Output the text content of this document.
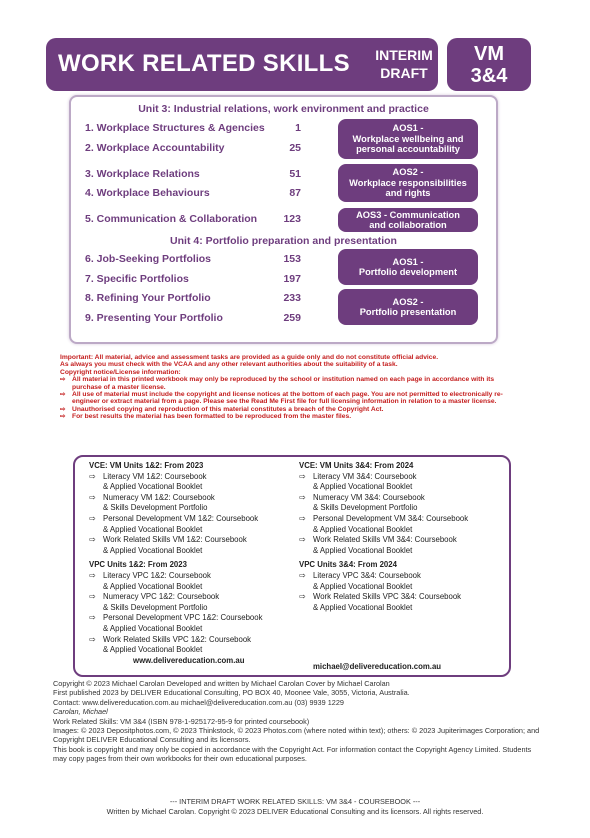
WORK RELATED SKILLS INTERIM
DRAFT
VM
3&4
Unit 3: Industrial relations, work environment and practice
1. Workplace Structures & Agencies	1
2. Workplace Accountability	25
3. Workplace Relations	51
4. Workplace Behaviours	87
5. Communication & Collaboration	123
Unit 4: Portfolio preparation and presentation
6. Job-Seeking Portfolios	153
7. Specific Portfolios	197
8. Refining Your Portfolio	233
9. Presenting Your Portfolio	259
AOS1 -
Workplace wellbeing and
personal accountability
AOS2 -
Workplace responsibilities
and rights
AOS3 - Communication
and collaboration
AOS1 -
Portfolio development
AOS2 -
Portfolio presentation
Important: All material, advice and assessment tasks are provided as a guide only and do not constitute official advice.
As always you must check with the VCAA and any other relevant authorities about the suitability of a task.
Copyright notice/License information:
⇨ All material in this printed workbook may only be reproduced by the school or institution named on each page in accordance with its purchase of a master license.
⇨ All use of material must include the copyright and license notices at the bottom of each page. You are not permitted to electronically re-engineer or extract material from a page. Please see the Read Me First file for full licensing information in relation to a master license.
⇨ Unauthorised copying and reproduction of this material constitutes a breach of the Copyright Act.
⇨ For best results the material has been formatted to be reproduced from the master files.
VCE: VM Units 1&2: From 2023
⇨ Literacy VM 1&2: Coursebook
& Applied Vocational Booklet
⇨ Numeracy VM 1&2: Coursebook
& Skills Development Portfolio
⇨ Personal Development VM 1&2: Coursebook
& Applied Vocational Booklet
⇨ Work Related Skills VM 1&2: Coursebook
& Applied Vocational Booklet
VPC Units 1&2: From 2023
⇨ Literacy VPC 1&2: Coursebook
& Applied Vocational Booklet
⇨ Numeracy VPC 1&2: Coursebook
& Skills Development Portfolio
⇨ Personal Development VPC 1&2: Coursebook
& Applied Vocational Booklet
⇨ Work Related Skills VPC 1&2: Coursebook
& Applied Vocational Booklet
www.delivereducation.com.au
VCE: VM Units 3&4: From 2024
⇨ Literacy VM 3&4: Coursebook
& Applied Vocational Booklet
⇨ Numeracy VM 3&4: Coursebook
& Skills Development Portfolio
⇨ Personal Development VM 3&4: Coursebook
& Applied Vocational Booklet
⇨ Work Related Skills VM 3&4: Coursebook
& Applied Vocational Booklet
VPC Units 3&4: From 2024
⇨ Literacy VPC 3&4: Coursebook
& Applied Vocational Booklet
⇨ Work Related Skills VPC 3&4: Coursebook
& Applied Vocational Booklet
michael@delivereducation.com.au
Copyright © 2023 Michael Carolan Developed and written by Michael Carolan Cover by Michael Carolan
First published 2023 by DELIVER Educational Consulting, PO BOX 40, Moonee Vale, 3055, Victoria, Australia.
Contact: www.delivereducation.com.au michael@delivereducation.com.au (03) 9939 1229
Carolan, Michael
Work Related Skills: VM 3&4 (ISBN 978-1-925172-95-9 for printed coursebook)
Images: © 2023 Depositphotos.com, © 2023 Thinkstock, © 2023 Photos.com (where noted within text); others: © 2023 Jupiterimages Corporation; and Copyright DELIVER Educational Consulting and its licensors.
This book is copyright and may only be copied in accordance with the Copyright Act. For information contact the Copyright Agency Limited. Students may copy pages from their own workbooks for their own educational purposes.
--- INTERIM DRAFT WORK RELATED SKILLS: VM 3&4 - COURSEBOOK ---
Written by Michael Carolan. Copyright © 2023 DELIVER Educational Consulting and its licensors. All rights reserved.
